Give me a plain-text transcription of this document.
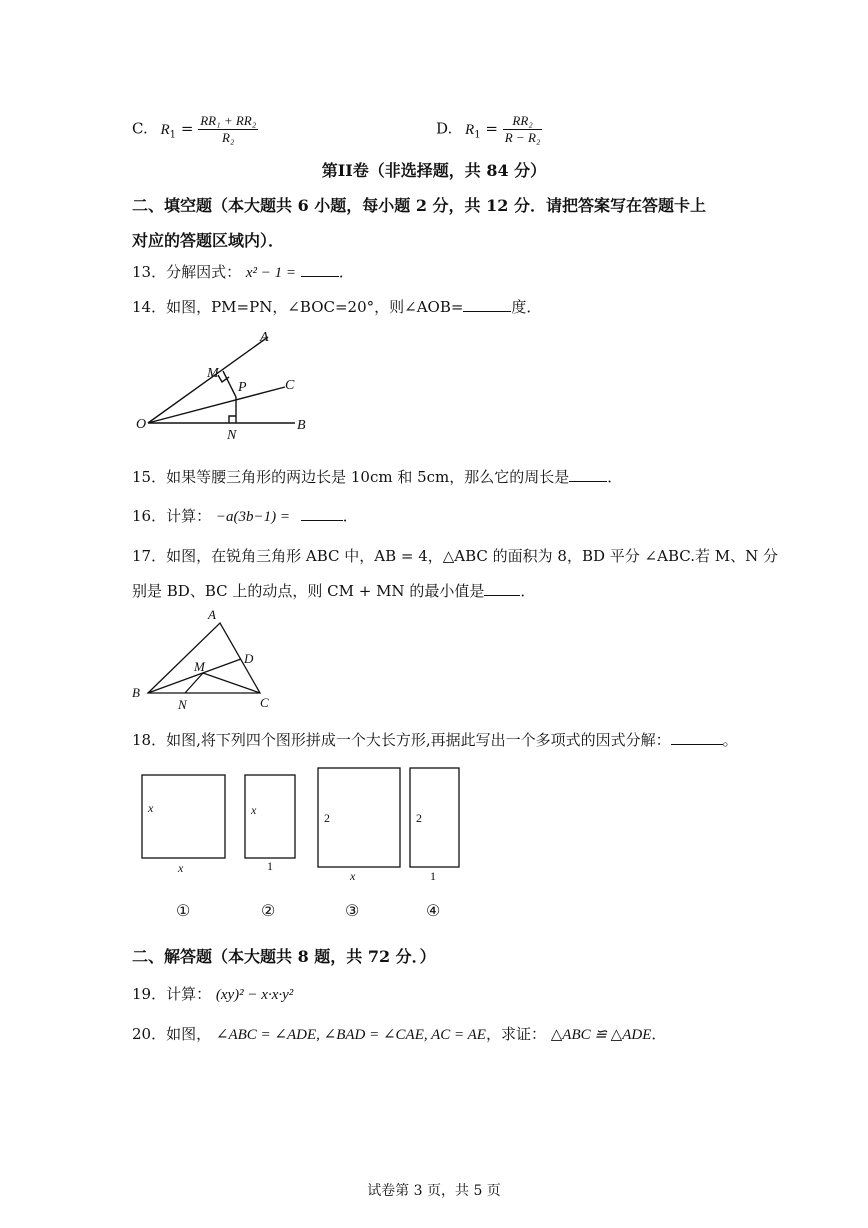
C. $R_1 = \frac{\text{RR₁ + RR₂}}{\text{R₂}}$	D. $R_1 = \frac{\text{RR₂}}{\text{R − R₂}}$
第II卷（非选择题，共 84 分）
二、填空题（本大题共 6 小题，每小题 2 分，共 12 分．请把答案写在答题卡上
对应的答题区域内）．
13．分解因式： x² − 1 =	．
14．如图，PM=PN，∠BOC=20°，则∠AOB=	度．
A
M
P	C
O
N
B
15．如果等腰三角形的两边长是 10cm 和 5cm，那么它的周长是	．
16．计算： −a(3b−1) =	．
17．如图，在锐角三角形 ABC 中，AB = 4，△ABC 的面积为 8，BD 平分 ∠ABC.若 M、N 分
别是 BD、BC 上的动点，则 CM + MN 的最小值是 ．
A
D
M
B
N	C
18．如图,将下列四个图形拼成一个大长方形,再据此写出一个多项式的因式分解：	。
x
x
x
1
2
x
2
1
①	②	③	④
二、解答题（本大题共 8 题，共 72 分．）
19．计算： (xy)² − x·x·y²
20．如图， ∠ABC = ∠ADE, ∠BAD = ∠CAE, AC = AE，求证： △ABC ≌ △ADE．
试卷第 3 页，共 5 页
